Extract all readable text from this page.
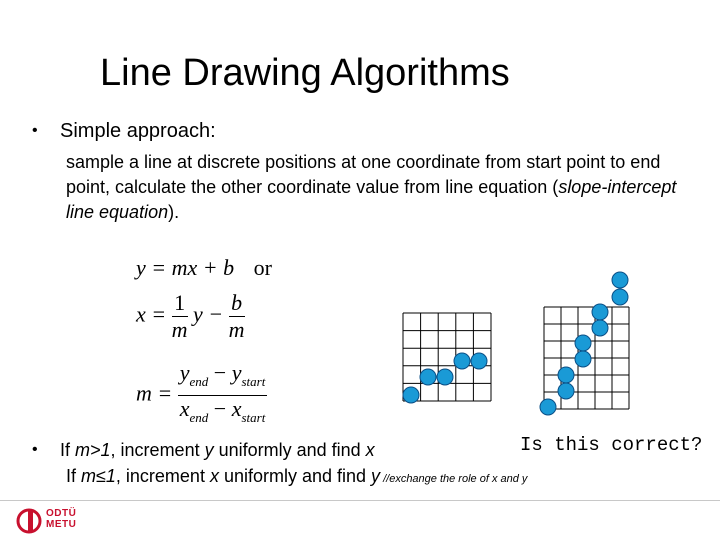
Line Drawing Algorithms
• Simple approach:
sample a line at discrete positions at one coordinate from start point to end point, calculate the other coordinate value from line equation (slope-intercept line equation).
y = mx + b or
$x = \frac{1}{m}$ $y - \frac{b}{m}$
$m = \frac{y_{end} - y_{start}}{x_{end} - x_{start}}$
• If m>1, increment y uniformly and find x
If m≤1, increment x uniformly and find y //exchange the role of x and y
Is this correct?
ODTÜ
METU
